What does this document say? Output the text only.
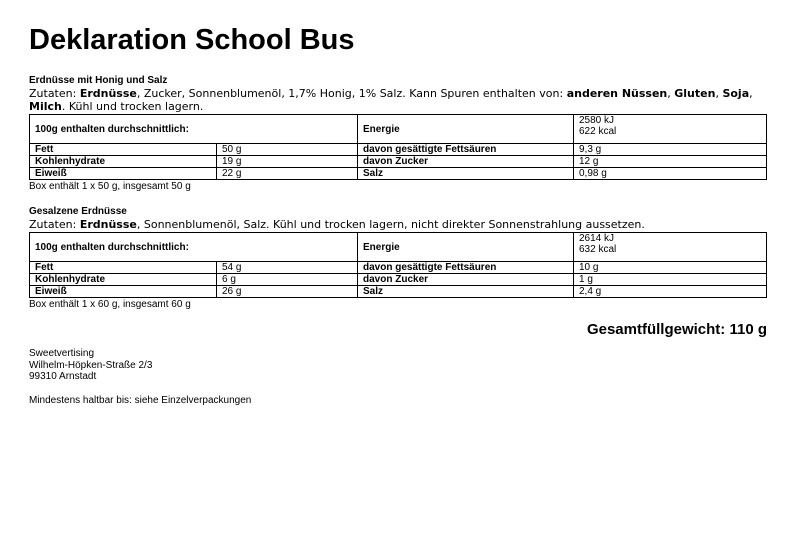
Deklaration School Bus
Erdnüsse mit Honig und Salz
Zutaten: Erdnüsse, Zucker, Sonnenblumenöl, 1,7% Honig, 1% Salz. Kann Spuren enthalten von: anderen Nüssen, Gluten, Soja, Milch. Kühl und trocken lagern.
100g enthalten durchschnittlich:		Energie	2580 kJ
622 kcal
Fett	50 g	davon gesättigte Fettsäuren	9,3 g
Kohlenhydrate	19 g	davon Zucker	12 g
Eiweiß	22 g	Salz	0,98 g
Box enthält 1 x 50 g, insgesamt 50 g
Gesalzene Erdnüsse
Zutaten: Erdnüsse, Sonnenblumenöl, Salz. Kühl und trocken lagern, nicht direkter Sonnenstrahlung aussetzen.
100g enthalten durchschnittlich:		Energie	2614 kJ
632 kcal
Fett	54 g	davon gesättigte Fettsäuren	10 g
Kohlenhydrate	6 g	davon Zucker	1 g
Eiweiß	26 g	Salz	2,4 g
Box enthält 1 x 60 g, insgesamt 60 g
Gesamtfüllgewicht: 110 g
Sweetvertising
Wilhelm-Höpken-Straße 2/3
99310 Arnstadt
Mindestens haltbar bis: siehe Einzelverpackungen
